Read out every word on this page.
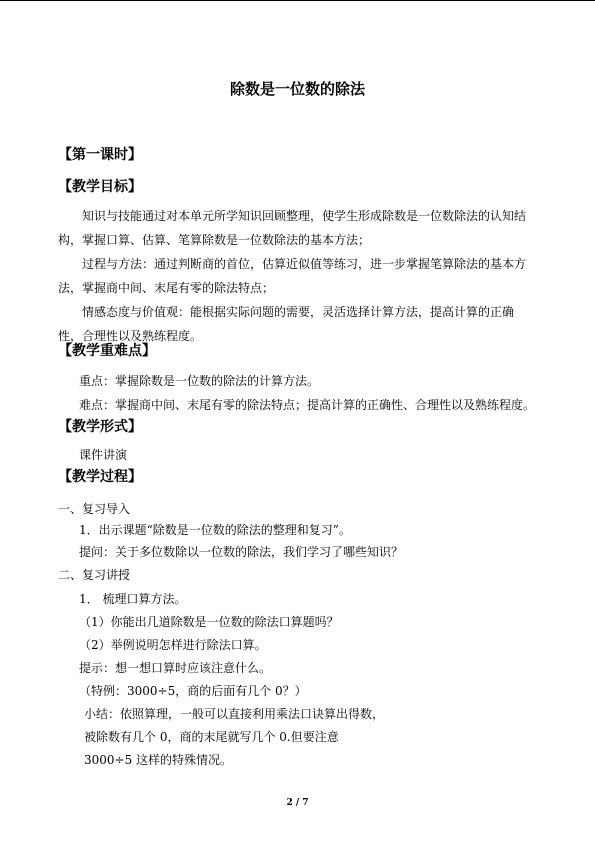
除数是一位数的除法
【第一课时】
【教学目标】

知识与技能通过对本单元所学知识回顾整理，使学生形成除数是一位数除法的认知结构，掌握口算、估算、笔算除数是一位数除法的基本方法；

过程与方法：通过判断商的首位，估算近似值等练习，进一步掌握笔算除法的基本方法，掌握商中间、末尾有零的除法特点；

情感态度与价值观：能根据实际问题的需要，灵活选择计算方法，提高计算的正确性，合理性以及熟练程度。

【教学重难点】
重点：掌握除数是一位数的除法的计算方法。
难点：掌握商中间、末尾有零的除法特点；提高计算的正确性、合理性以及熟练程度。
【教学形式】
课件讲演
【教学过程】
一、复习导入
1．出示课题“除数是一位数的除法的整理和复习”。
提问：关于多位数除以一位数的除法，我们学习了哪些知识？
二、复习讲授
1． 梳理口算方法。
（1）你能出几道除数是一位数的除法口算题吗？
（2）举例说明怎样进行除法口算。
提示：想一想口算时应该注意什么。
（特例：3000÷5，商的后面有几个 0？）
小结：依照算理，一般可以直接利用乘法口诀算出得数，
被除数有几个 0，商的末尾就写几个 0.但要注意
3000÷5 这样的特殊情况。
2 / 7
